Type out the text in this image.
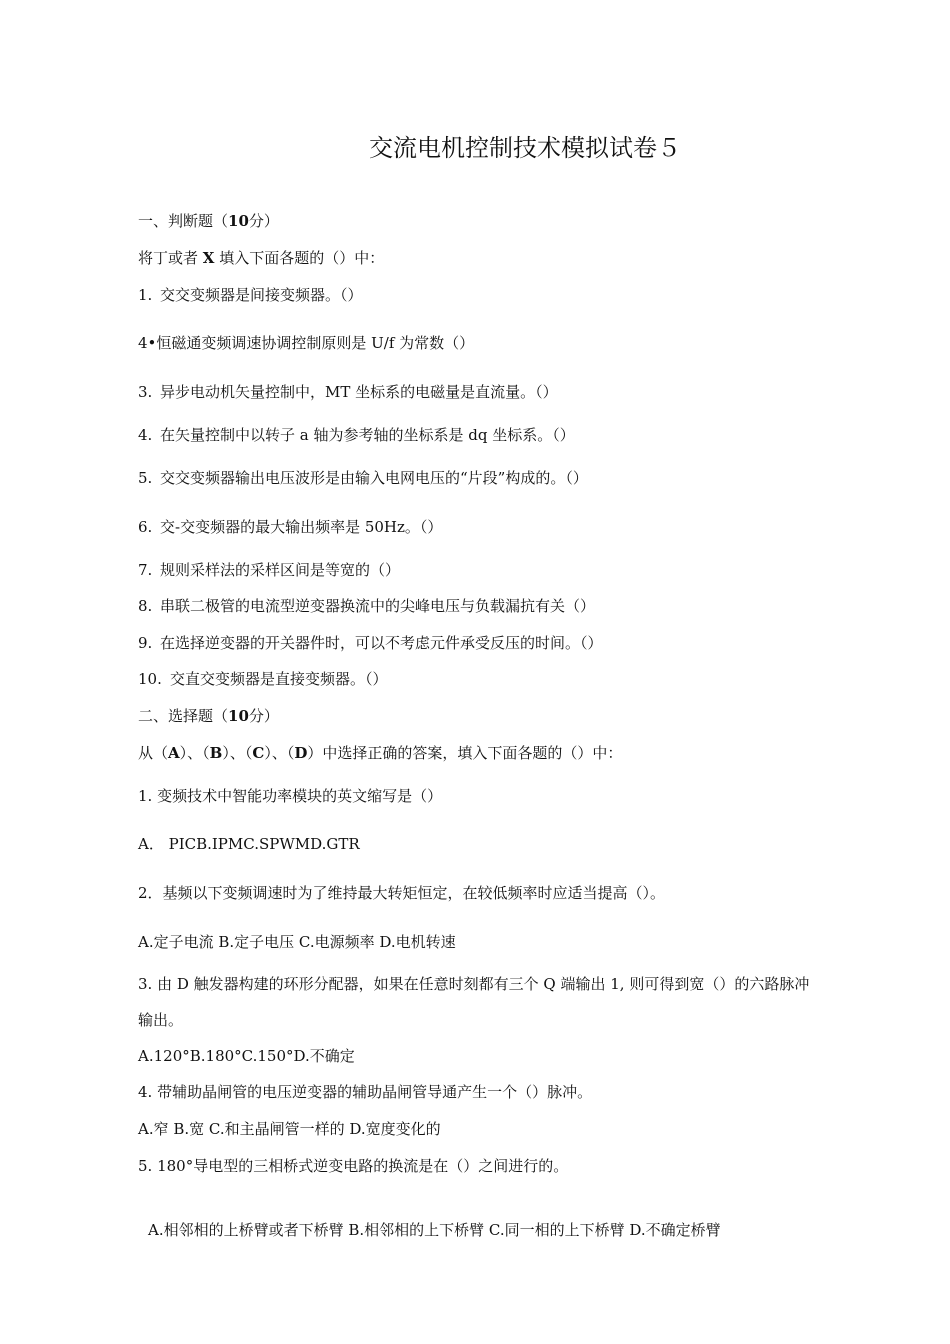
交流电机控制技术模拟试卷５
一、判断题（10分）
将丁或者 X 填入下面各题的（）中：
1. 交交变频器是间接变频器。（）
4•恒磁通变频调速协调控制原则是 U/f 为常数（）
3. 异步电动机矢量控制中，MT 坐标系的电磁量是直流量。（）
4. 在矢量控制中以转子 a 轴为参考轴的坐标系是 dq 坐标系。（）
5. 交交变频器输出电压波形是由输入电网电压的“片段”构成的。（）
6. 交-交变频器的最大输出频率是 50Hz。（）
7. 规则采样法的采样区间是等宽的（）
8. 串联二极管的电流型逆变器换流中的尖峰电压与负载漏抗有关（）
9. 在选择逆变器的开关器件时，可以不考虑元件承受反压的时间。（）
10. 交直交变频器是直接变频器。（）
二、选择题（10分）
从（A）、（B）、（C）、（D）中选择正确的答案，填入下面各题的（）中：
1. 变频技术中智能功率模块的英文缩写是（）
A． PICB.IPMC.SPWMD.GTR
2．基频以下变频调速时为了维持最大转矩恒定，在较低频率时应适当提高（）。
A.定子电流 B.定子电压 C.电源频率 D.电机转速
3. 由 D 触发器构建的环形分配器，如果在任意时刻都有三个 Q 端输出 1, 则可得到宽（）的六路脉冲输出。
A.120°B.180°C.150°D.不确定
4. 带辅助晶闸管的电压逆变器的辅助晶闸管导通产生一个（）脉冲。
A.窄 B.宽 C.和主晶闸管一样的 D.宽度变化的
5. 180°导电型的三相桥式逆变电路的换流是在（）之间进行的。
A.相邻相的上桥臂或者下桥臂 B.相邻相的上下桥臂 C.同一相的上下桥臂 D.不确定桥臂
